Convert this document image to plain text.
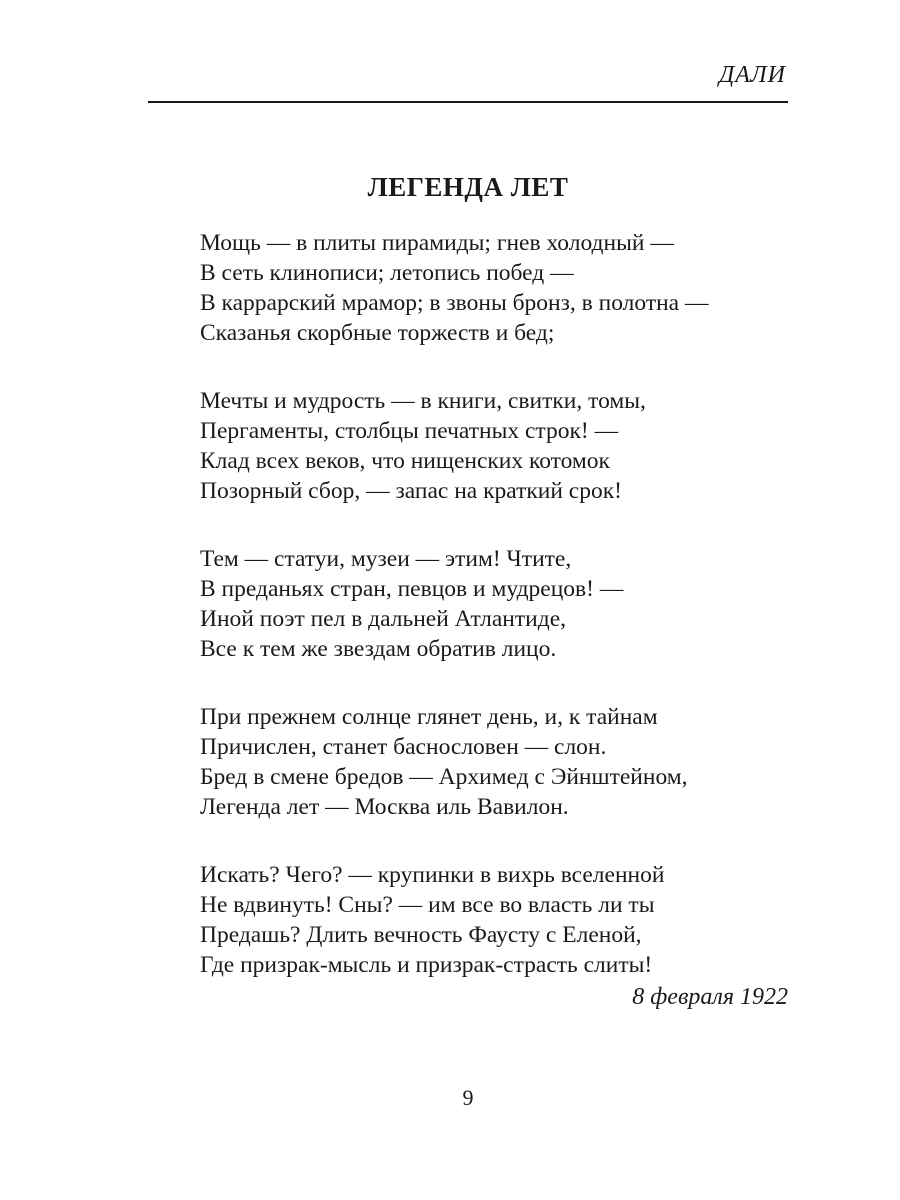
ДАЛИ
ЛЕГЕНДА ЛЕТ
Мощь — в плиты пирамиды; гнев холодный —
В сеть клинописи; летопись побед —
В каррарский мрамор; в звоны бронз, в полотна —
Сказанья скорбные торжеств и бед;
Мечты и мудрость — в книги, свитки, томы,
Пергаменты, столбцы печатных строк! —
Клад всех веков, что нищенских котомок
Позорный сбор, — запас на краткий срок!
Тем — статуи, музеи — этим! Чтите,
В преданьях стран, певцов и мудрецов! —
Иной поэт пел в дальней Атлантиде,
Все к тем же звездам обратив лицо.
При прежнем солнце глянет день, и, к тайнам
Причислен, станет баснословен — слон.
Бред в смене бредов — Архимед с Эйнштейном,
Легенда лет — Москва иль Вавилон.
Искать? Чего? — крупинки в вихрь вселенной
Не вдвинуть! Сны? — им все во власть ли ты
Предашь? Длить вечность Фаусту с Еленой,
Где призрак-мысль и призрак-страсть слиты!
8 февраля 1922
9
